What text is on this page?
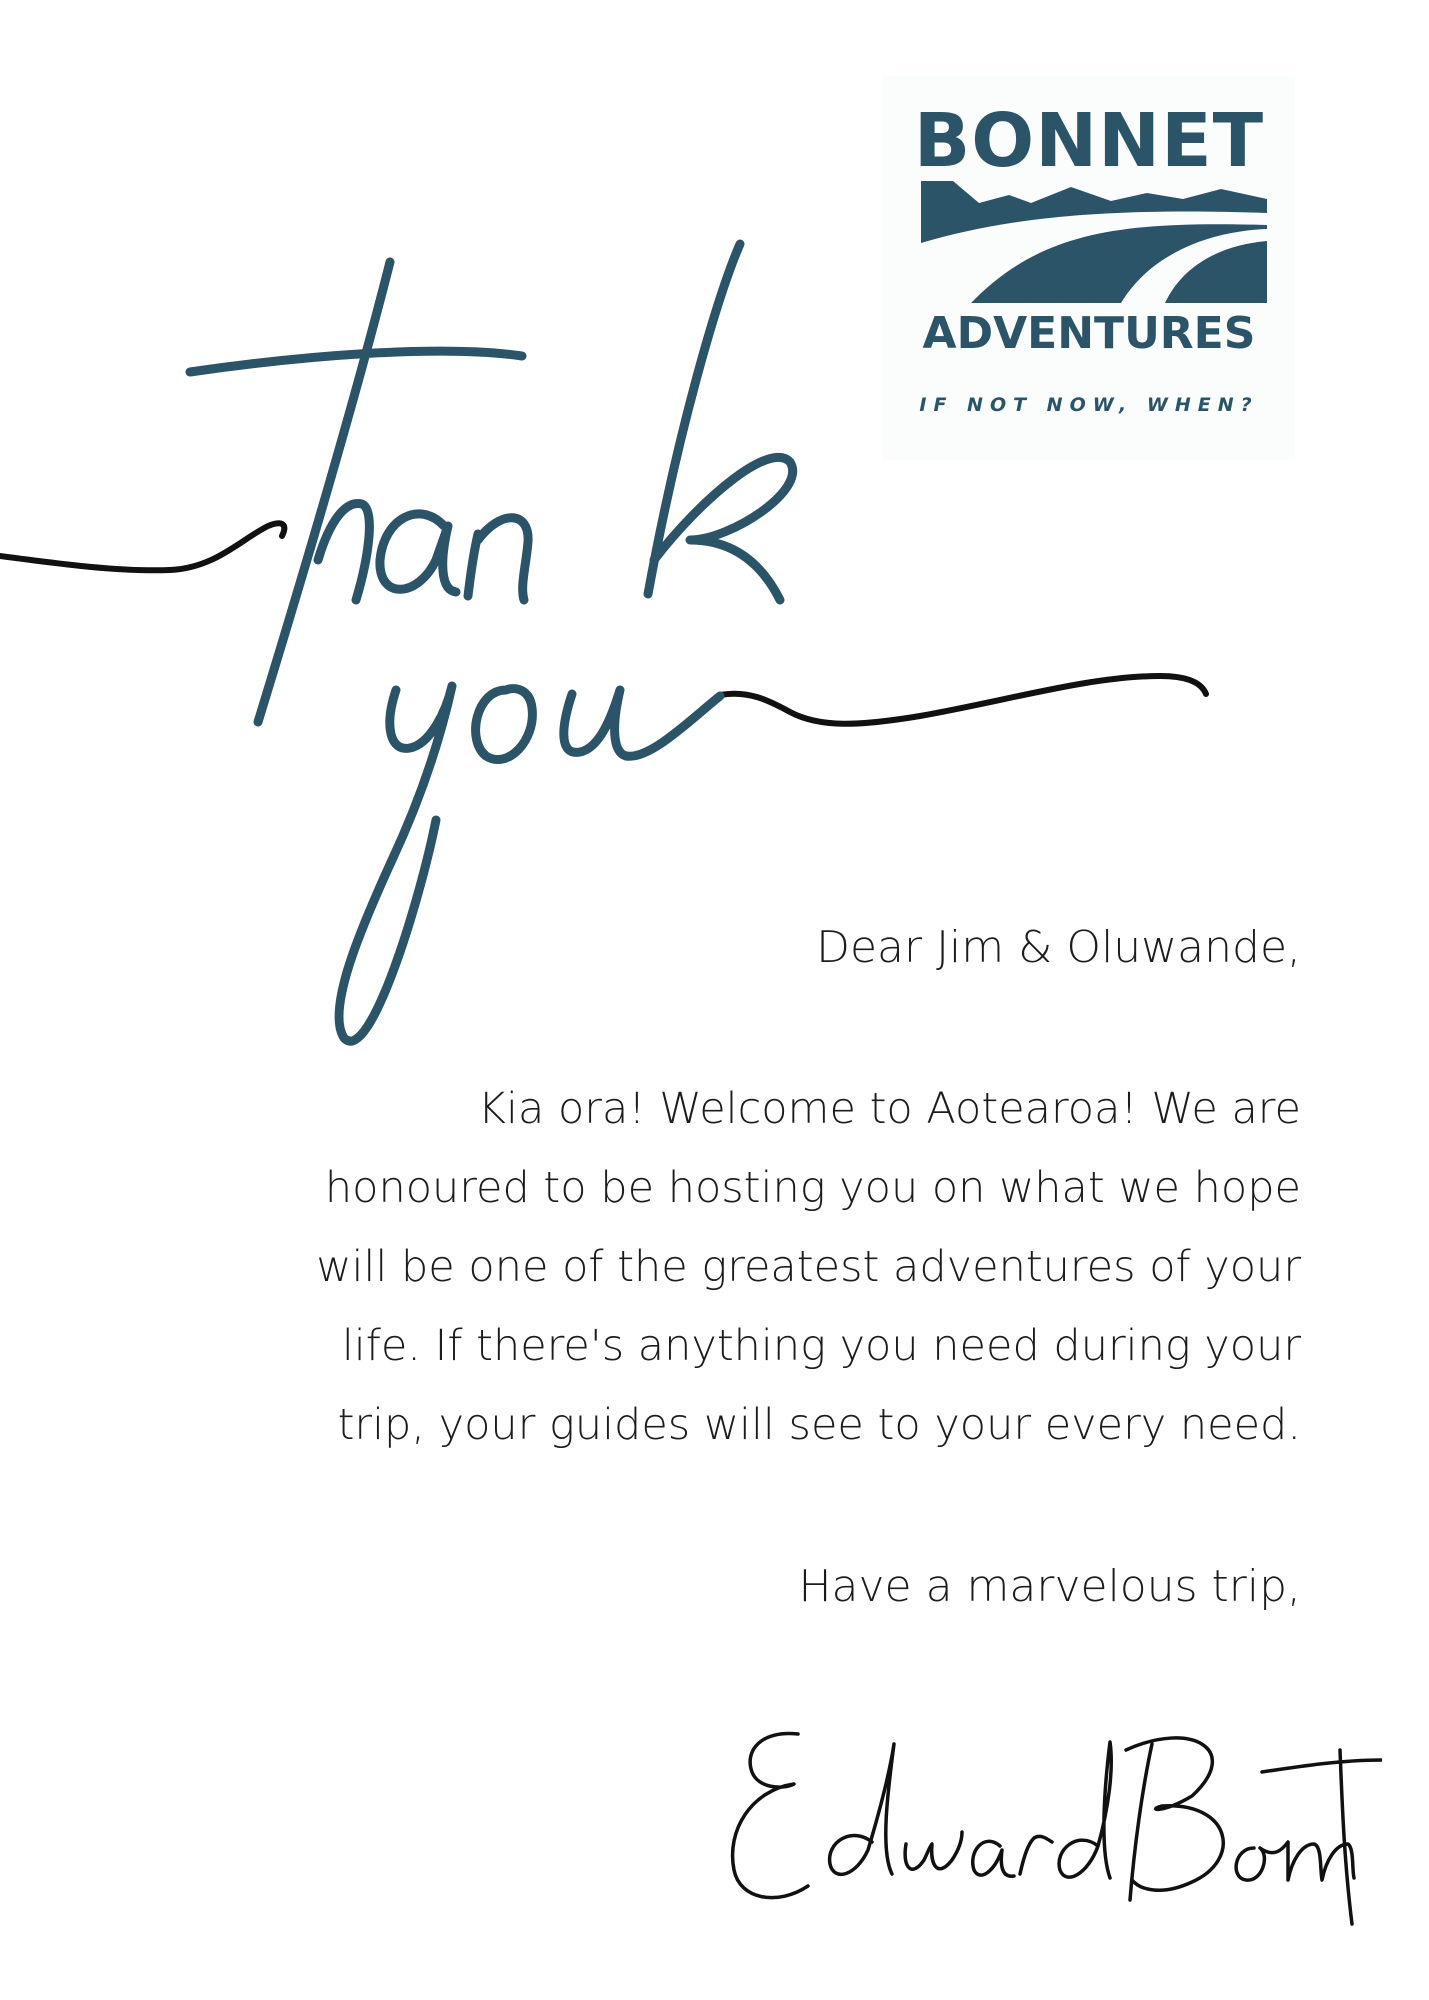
BONNET
ADVENTURES
IF NOT NOW, WHEN?

Dear Jim & Oluwande,

Kia ora! Welcome to Aotearoa! We are

honoured to be hosting you on what we hope

will be one of the greatest adventures of your

life. If there's anything you need during your

trip, your guides will see to your every need.

Have a marvelous trip,
